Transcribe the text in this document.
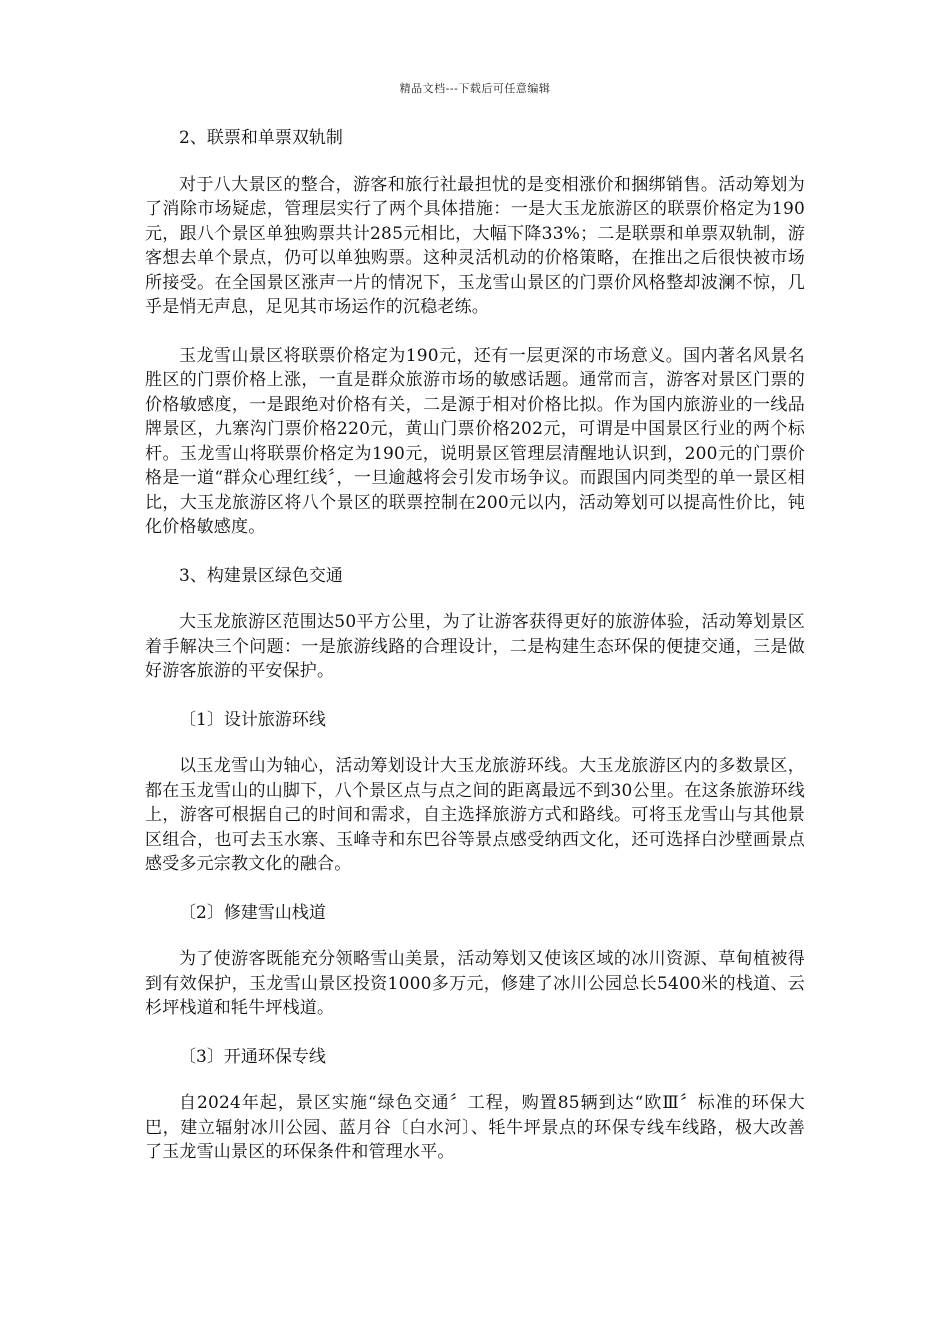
精品文档---下载后可任意编辑

2、联票和单票双轨制

对于八大景区的整合，游客和旅行社最担忧的是变相涨价和捆绑销售。活动筹划为了消除市场疑虑，管理层实行了两个具体措施：一是大玉龙旅游区的联票价格定为190元，跟八个景区单独购票共计285元相比，大幅下降33%；二是联票和单票双轨制，游客想去单个景点，仍可以单独购票。这种灵活机动的价格策略，在推出之后很快被市场所接受。在全国景区涨声一片的情况下，玉龙雪山景区的门票价风格整却波澜不惊，几乎是悄无声息，足见其市场运作的沉稳老练。

玉龙雪山景区将联票价格定为190元，还有一层更深的市场意义。国内著名风景名胜区的门票价格上涨，一直是群众旅游市场的敏感话题。通常而言，游客对景区门票的价格敏感度，一是跟绝对价格有关，二是源于相对价格比拟。作为国内旅游业的一线品牌景区，九寨沟门票价格220元，黄山门票价格202元，可谓是中国景区行业的两个标杆。玉龙雪山将联票价格定为190元，说明景区管理层清醒地认识到，200元的门票价格是一道“群众心理红线〞，一旦逾越将会引发市场争议。而跟国内同类型的单一景区相比，大玉龙旅游区将八个景区的联票控制在200元以内，活动筹划可以提高性价比，钝化价格敏感度。

3、构建景区绿色交通

大玉龙旅游区范围达50平方公里，为了让游客获得更好的旅游体验，活动筹划景区着手解决三个问题：一是旅游线路的合理设计，二是构建生态环保的便捷交通，三是做好游客旅游的平安保护。

〔1〕设计旅游环线

以玉龙雪山为轴心，活动筹划设计大玉龙旅游环线。大玉龙旅游区内的多数景区，都在玉龙雪山的山脚下，八个景区点与点之间的距离最远不到30公里。在这条旅游环线上，游客可根据自己的时间和需求，自主选择旅游方式和路线。可将玉龙雪山与其他景区组合，也可去玉水寨、玉峰寺和东巴谷等景点感受纳西文化，还可选择白沙壁画景点感受多元宗教文化的融合。

〔2〕修建雪山栈道

为了使游客既能充分领略雪山美景，活动筹划又使该区域的冰川资源、草甸植被得到有效保护，玉龙雪山景区投资1000多万元，修建了冰川公园总长5400米的栈道、云杉坪栈道和牦牛坪栈道。

〔3〕开通环保专线

自2024年起，景区实施“绿色交通〞工程，购置85辆到达“欧Ⅲ〞标准的环保大巴，建立辐射冰川公园、蓝月谷〔白水河〕、牦牛坪景点的环保专线车线路，极大改善了玉龙雪山景区的环保条件和管理水平。
